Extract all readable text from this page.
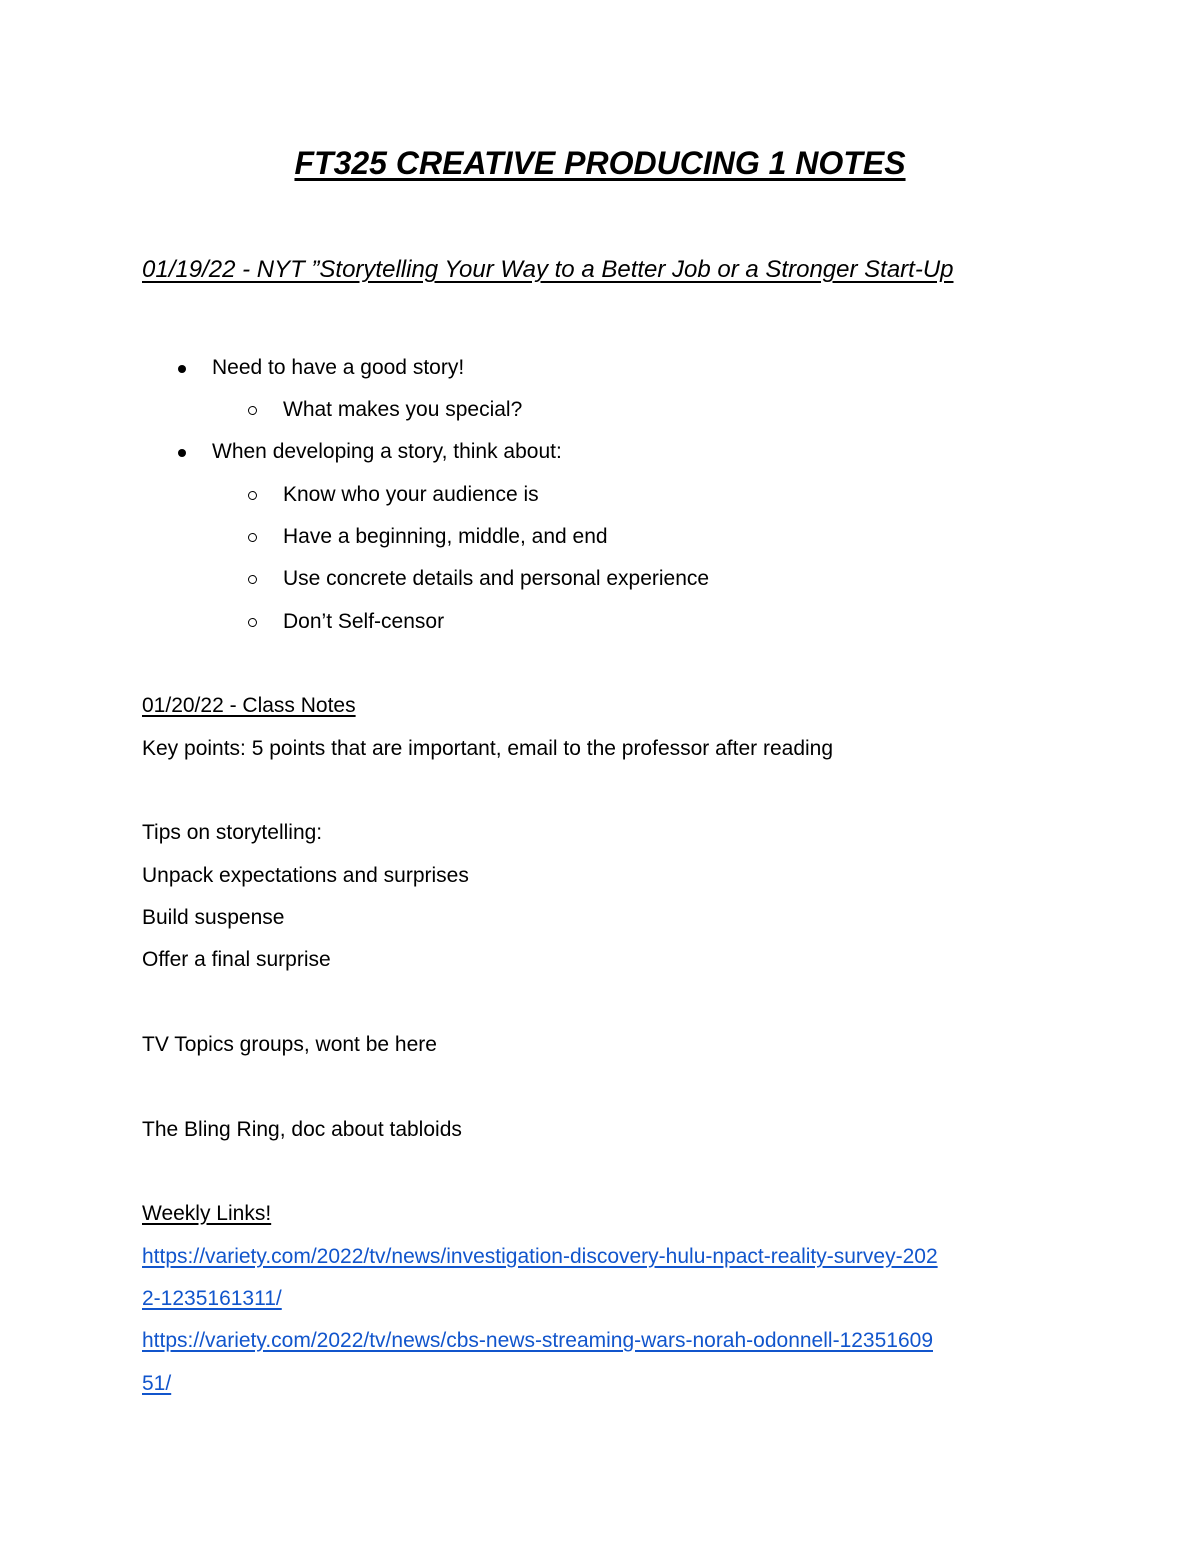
FT325 CREATIVE PRODUCING 1 NOTES
01/19/22 - NYT ”Storytelling Your Way to a Better Job or a Stronger Start-Up
Need to have a good story!
What makes you special?
When developing a story, think about:
Know who your audience is
Have a beginning, middle, and end
Use concrete details and personal experience
Don’t Self-censor
01/20/22 - Class Notes
Key points: 5 points that are important, email to the professor after reading
Tips on storytelling:
Unpack expectations and surprises
Build suspense
Offer a final surprise
TV Topics groups, wont be here
The Bling Ring, doc about tabloids
Weekly Links!
https://variety.com/2022/tv/news/investigation-discovery-hulu-npact-reality-survey-202
2-1235161311/
https://variety.com/2022/tv/news/cbs-news-streaming-wars-norah-odonnell-12351609
51/
